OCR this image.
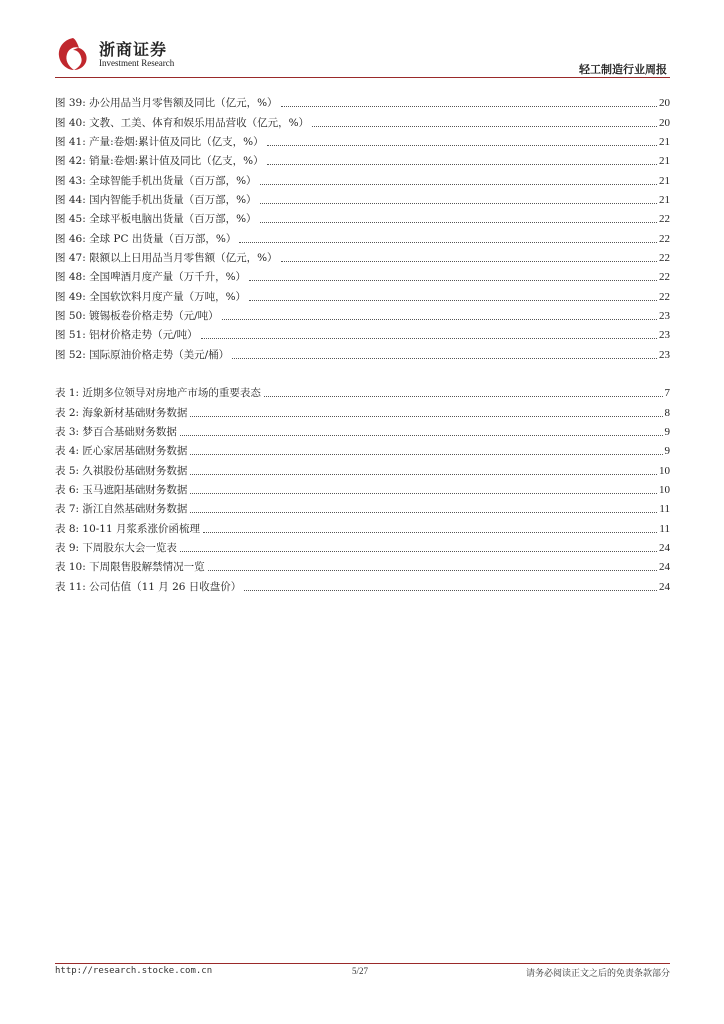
浙商证券
Investment Research	轻工制造行业周报
图 39: 办公用品当月零售额及同比（亿元，%）	20
图 40: 文教、工美、体育和娱乐用品营收（亿元，%）	20
图 41: 产量:卷烟:累计值及同比（亿支，%）	21
图 42: 销量:卷烟:累计值及同比（亿支，%）	21
图 43: 全球智能手机出货量（百万部，%）	21
图 44: 国内智能手机出货量（百万部，%）	21
图 45: 全球平板电脑出货量（百万部，%）	22
图 46: 全球 PC 出货量（百万部，%）	22
图 47: 限额以上日用品当月零售额（亿元，%）	22
图 48: 全国啤酒月度产量（万千升，%）	22
图 49: 全国软饮料月度产量（万吨，%）	22
图 50: 镀锡板卷价格走势（元/吨）	23
图 51: 铝材价格走势（元/吨）	23
图 52: 国际原油价格走势（美元/桶）	23
表 1: 近期多位领导对房地产市场的重要表态	7
表 2: 海象新材基础财务数据	8
表 3: 梦百合基础财务数据	9
表 4: 匠心家居基础财务数据	9
表 5: 久祺股份基础财务数据	10
表 6: 玉马遮阳基础财务数据	10
表 7: 浙江自然基础财务数据	11
表 8: 10-11 月浆系涨价函梳理	11
表 9: 下周股东大会一览表	24
表 10: 下周限售股解禁情况一览	24
表 11: 公司估值（11 月 26 日收盘价）	24
http://research.stocke.com.cn	5/27	请务必阅读正文之后的免责条款部分
